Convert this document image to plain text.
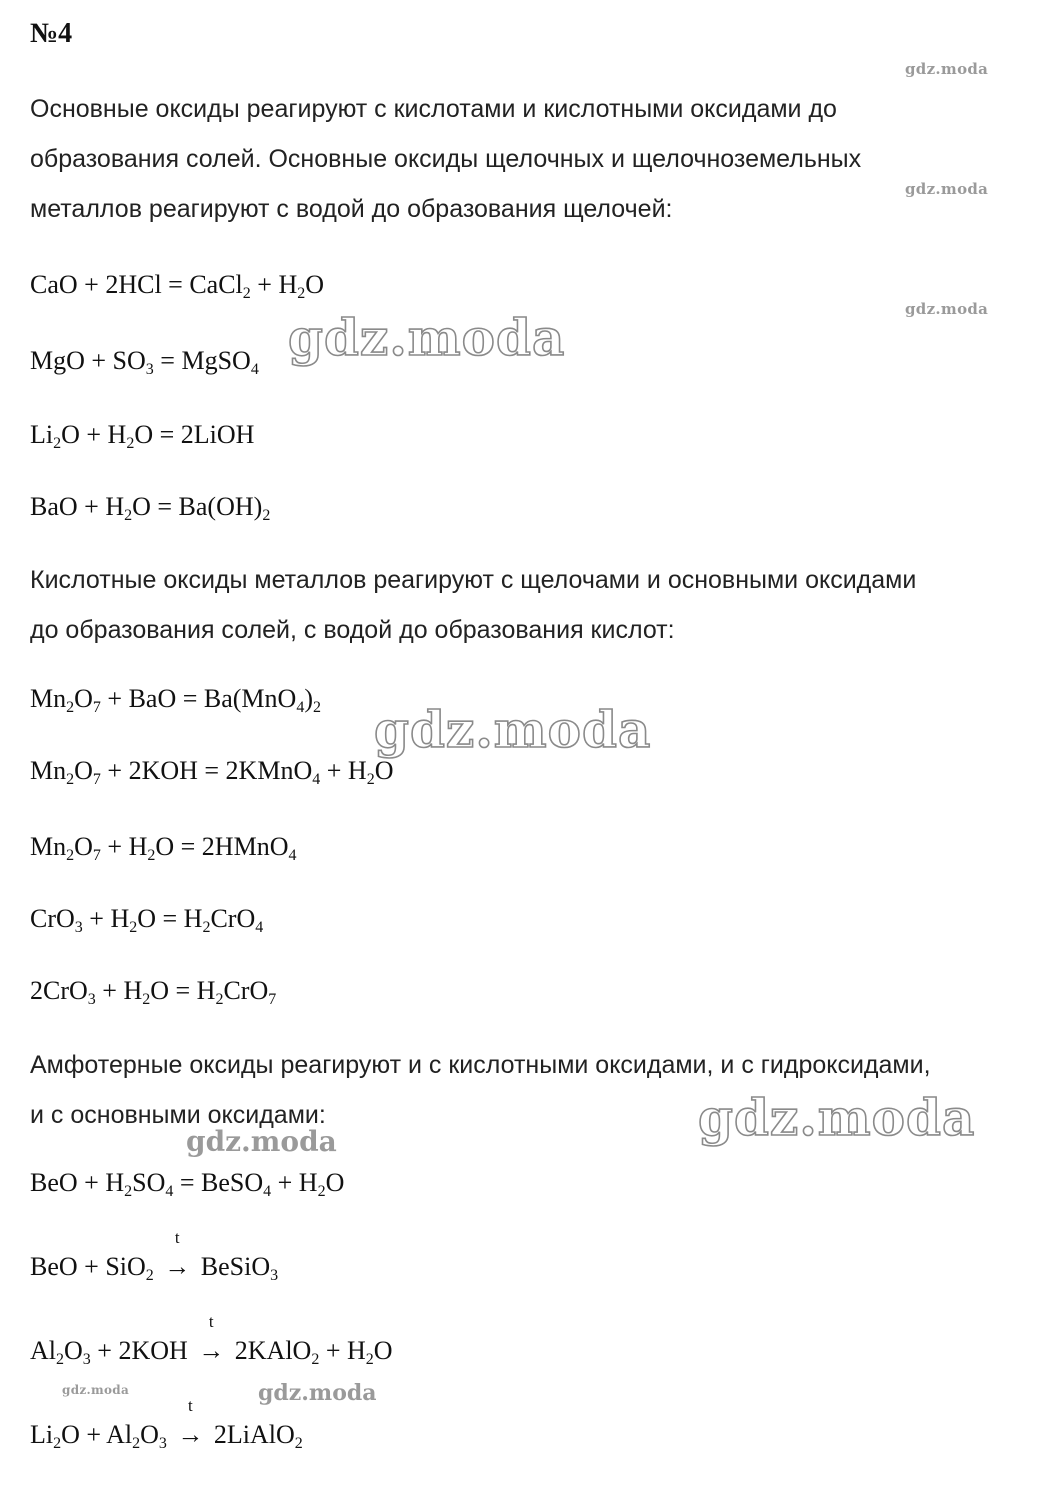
№4
gdz.moda
gdz.moda
gdz.moda
gdz.moda
gdz.moda
gdz.moda
gdz.moda
gdz.moda
gdz.moda
Основные оксиды реагируют с кислотами и кислотными оксидами до
образования солей. Основные оксиды щелочных и щелочноземельных
металлов реагируют с водой до образования щелочей:
CaO + 2HCl = CaCl$_2$ + $H_2O$
MgO + $SO_3$ = MgSO$_4$
$Li_2O + H_2O$ = 2LiOH
BaO + $H_2O = Ba(OH)_2$
Кислотные оксиды металлов реагируют с щелочами и основными оксидами
до образования солей, с водой до образования кислот:
$Mn_2O_7$ + BaO = $Ba(MnO_4)_2$
$Mn_2O_7 + 2KOH$ = 2KMnO$_4$ + $H_2O$
$Mn_2O_7 + H_2O$ = 2HMnO$_4$
$CrO_3 + H_2O = H_2CrO_4$
$2CrO_3 + H_2O = H_2CrO_7$
Амфотерные оксиды реагируют и с кислотными оксидами, и с гидроксидами,
и с основными оксидами:
BeO + $H_2SO_4$ = BeSO$_4$ + $H_2O$
BeO + SiO$_2$
t
→ BeSiO$_3$
$Al_2O_3 + 2KOH$
t
→ 2KAlO$_2$ + $H_2O$
$Li_2O + Al_2O_3$
t
→ 2LiAlO$_2$
